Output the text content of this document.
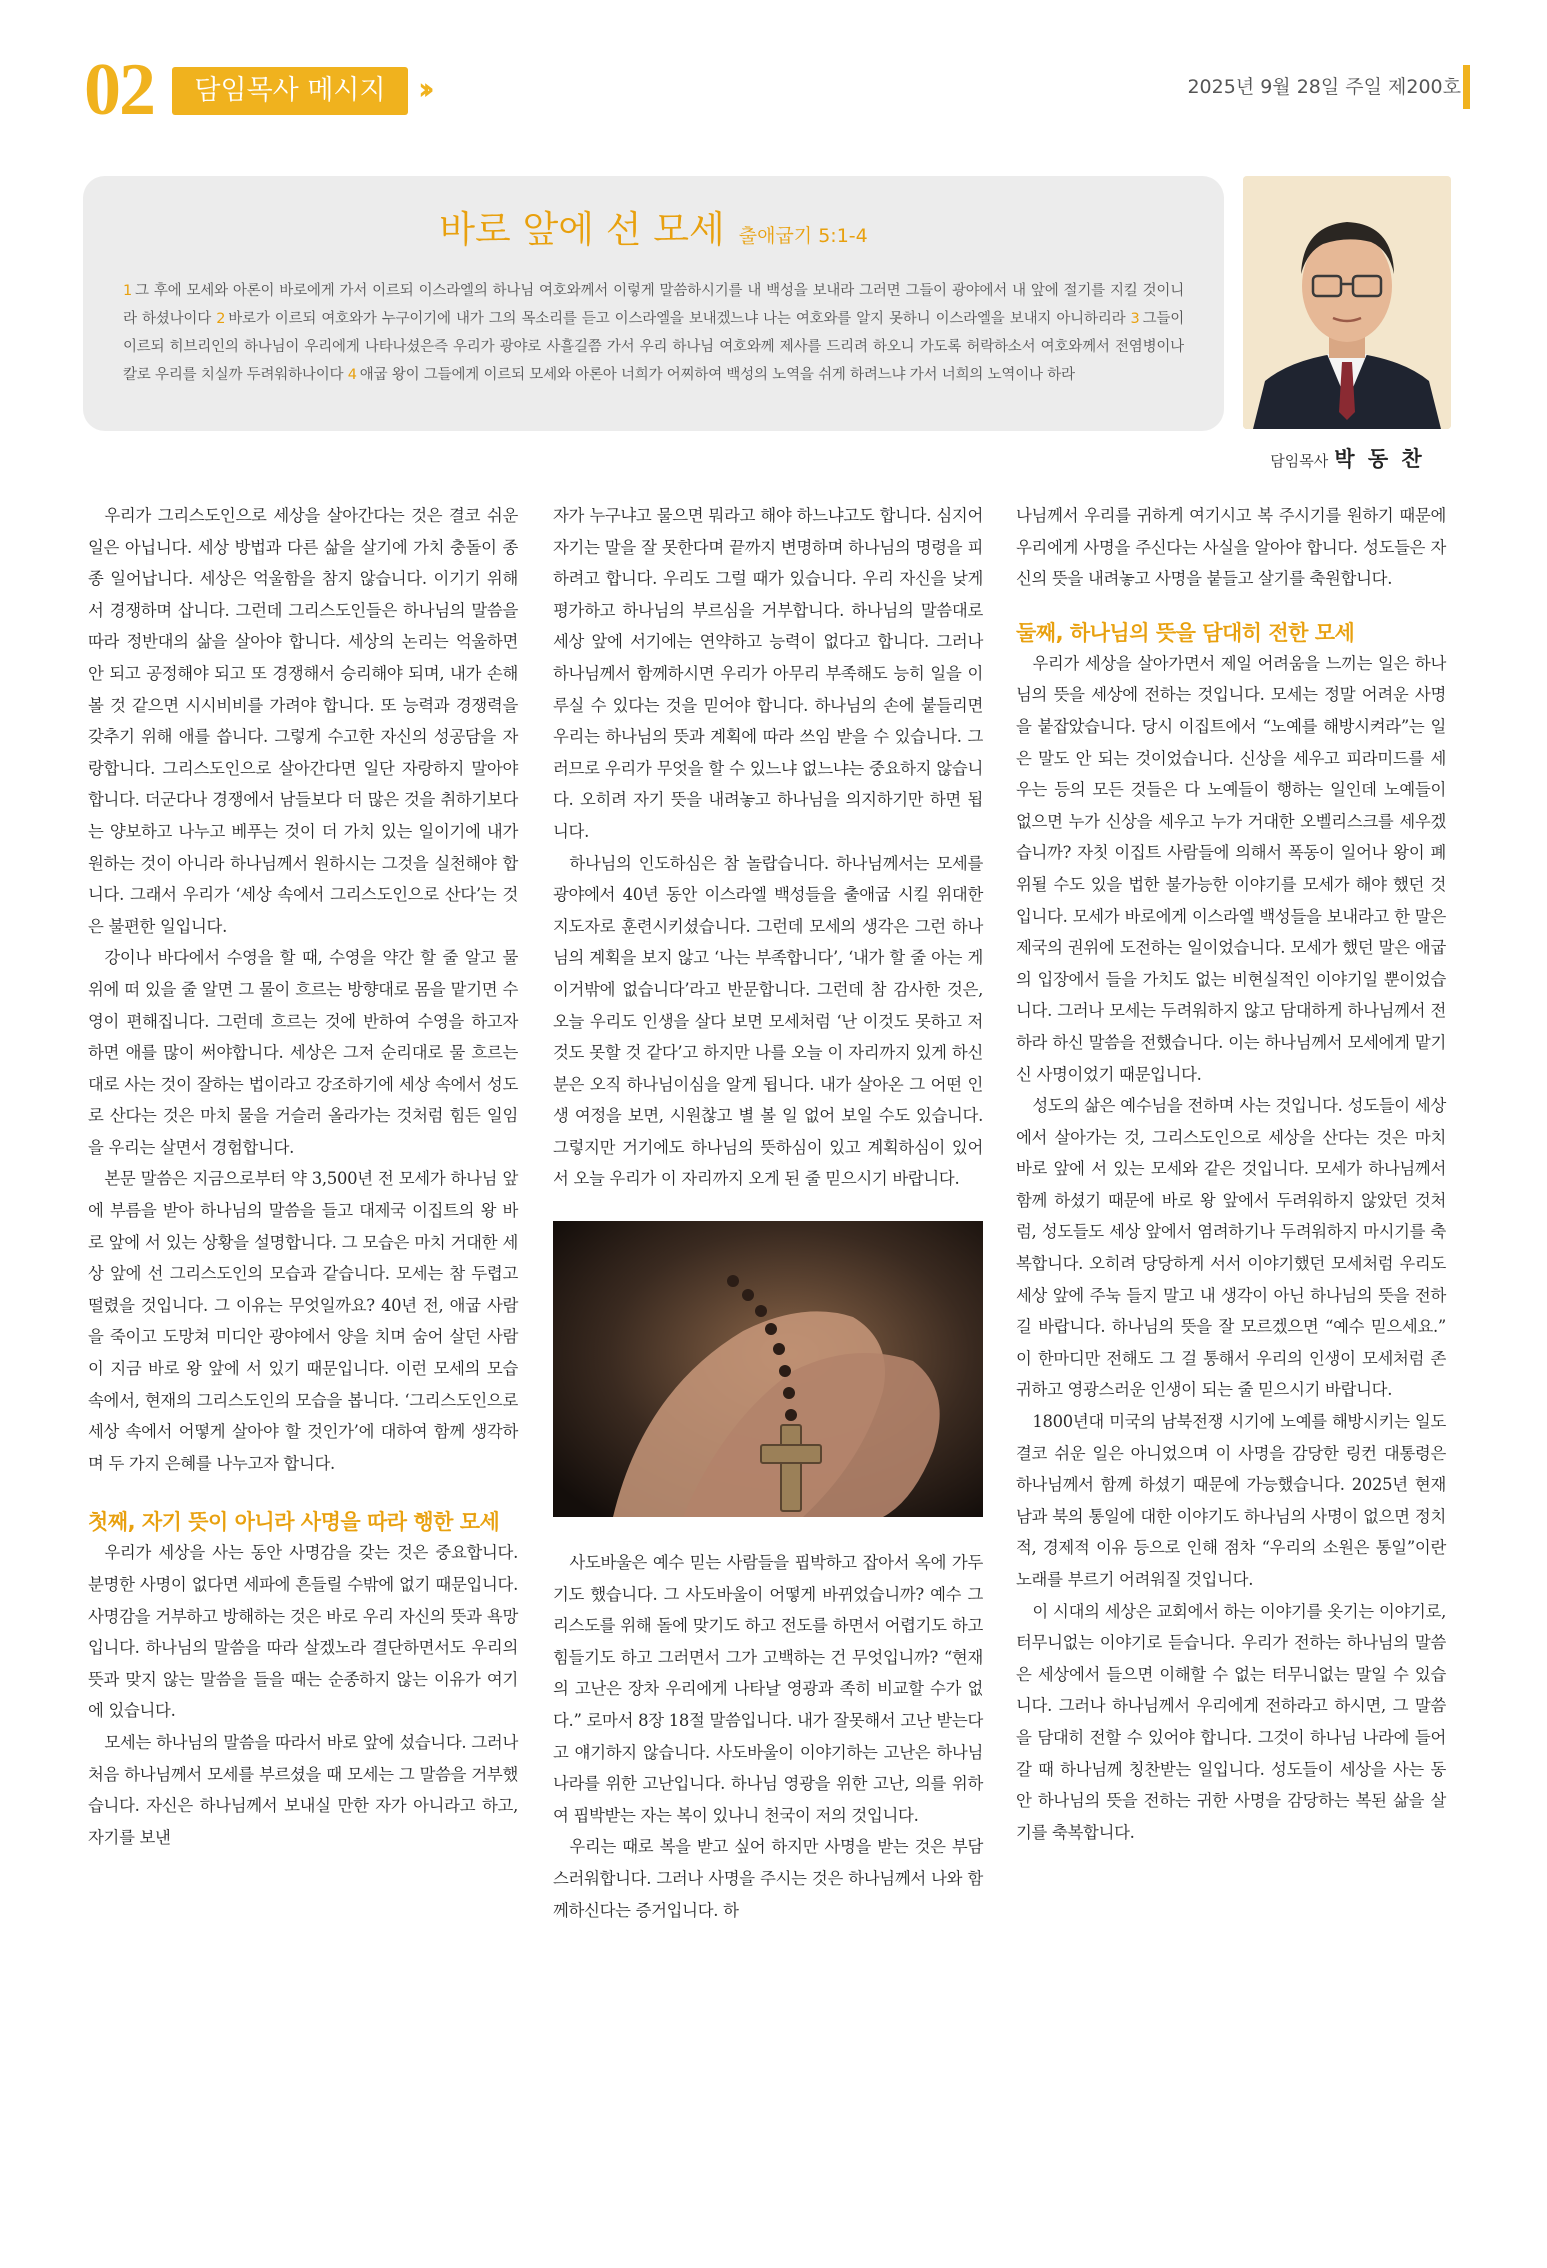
02	담임목사 메시지	››	2025년 9월 28일 주일 제200호
바로 앞에 선 모세 출애굽기 5:1-4
1 그 후에 모세와 아론이 바로에게 가서 이르되 이스라엘의 하나님 여호와께서 이렇게 말씀하시기를 내 백성을 보내라 그러면 그들이 광야에서 내 앞에 절기를 지킬 것이니라 하셨나이다 2 바로가 이르되 여호와가 누구이기에 내가 그의 목소리를 듣고 이스라엘을 보내겠느냐 나는 여호와를 알지 못하니 이스라엘을 보내지 아니하리라 3 그들이 이르되 히브리인의 하나님이 우리에게 나타나셨은즉 우리가 광야로 사흘길쯤 가서 우리 하나님 여호와께 제사를 드리려 하오니 가도록 허락하소서 여호와께서 전염병이나 칼로 우리를 치실까 두려워하나이다 4 애굽 왕이 그들에게 이르되 모세와 아론아 너희가 어찌하여 백성의 노역을 쉬게 하려느냐 가서 너희의 노역이나 하라
담임목사 박 동 찬

우리가 그리스도인으로 세상을 살아간다는 것은 결코 쉬운 일은 아닙니다. 세상 방법과 다른 삶을 살기에 가치 충돌이 종종 일어납니다. 세상은 억울함을 참지 않습니다. 이기기 위해서 경쟁하며 삽니다. 그런데 그리스도인들은 하나님의 말씀을 따라 정반대의 삶을 살아야 합니다. 세상의 논리는 억울하면 안 되고 공정해야 되고 또 경쟁해서 승리해야 되며, 내가 손해 볼 것 같으면 시시비비를 가려야 합니다. 또 능력과 경쟁력을 갖추기 위해 애를 씁니다. 그렇게 수고한 자신의 성공담을 자랑합니다. 그리스도인으로 살아간다면 일단 자랑하지 말아야 합니다. 더군다나 경쟁에서 남들보다 더 많은 것을 취하기보다는 양보하고 나누고 베푸는 것이 더 가치 있는 일이기에 내가 원하는 것이 아니라 하나님께서 원하시는 그것을 실천해야 합니다. 그래서 우리가 ‘세상 속에서 그리스도인으로 산다’는 것은 불편한 일입니다.

강이나 바다에서 수영을 할 때, 수영을 약간 할 줄 알고 물 위에 떠 있을 줄 알면 그 물이 흐르는 방향대로 몸을 맡기면 수영이 편해집니다. 그런데 흐르는 것에 반하여 수영을 하고자 하면 애를 많이 써야합니다. 세상은 그저 순리대로 물 흐르는 대로 사는 것이 잘하는 법이라고 강조하기에 세상 속에서 성도로 산다는 것은 마치 물을 거슬러 올라가는 것처럼 힘든 일임을 우리는 살면서 경험합니다.

본문 말씀은 지금으로부터 약 3,500년 전 모세가 하나님 앞에 부름을 받아 하나님의 말씀을 들고 대제국 이집트의 왕 바로 앞에 서 있는 상황을 설명합니다. 그 모습은 마치 거대한 세상 앞에 선 그리스도인의 모습과 같습니다. 모세는 참 두렵고 떨렸을 것입니다. 그 이유는 무엇일까요? 40년 전, 애굽 사람을 죽이고 도망쳐 미디안 광야에서 양을 치며 숨어 살던 사람이 지금 바로 왕 앞에 서 있기 때문입니다. 이런 모세의 모습 속에서, 현재의 그리스도인의 모습을 봅니다. ‘그리스도인으로 세상 속에서 어떻게 살아야 할 것인가’에 대하여 함께 생각하며 두 가지 은혜를 나누고자 합니다.

첫째, 자기 뜻이 아니라 사명을 따라 행한 모세

우리가 세상을 사는 동안 사명감을 갖는 것은 중요합니다. 분명한 사명이 없다면 세파에 흔들릴 수밖에 없기 때문입니다. 사명감을 거부하고 방해하는 것은 바로 우리 자신의 뜻과 욕망입니다. 하나님의 말씀을 따라 살겠노라 결단하면서도 우리의 뜻과 맞지 않는 말씀을 들을 때는 순종하지 않는 이유가 여기에 있습니다.

모세는 하나님의 말씀을 따라서 바로 앞에 섰습니다. 그러나 처음 하나님께서 모세를 부르셨을 때 모세는 그 말씀을 거부했습니다. 자신은 하나님께서 보내실 만한 자가 아니라고 하고, 자기를 보낸

자가 누구냐고 물으면 뭐라고 해야 하느냐고도 합니다. 심지어 자기는 말을 잘 못한다며 끝까지 변명하며 하나님의 명령을 피하려고 합니다. 우리도 그럴 때가 있습니다. 우리 자신을 낮게 평가하고 하나님의 부르심을 거부합니다. 하나님의 말씀대로 세상 앞에 서기에는 연약하고 능력이 없다고 합니다. 그러나 하나님께서 함께하시면 우리가 아무리 부족해도 능히 일을 이루실 수 있다는 것을 믿어야 합니다. 하나님의 손에 붙들리면 우리는 하나님의 뜻과 계획에 따라 쓰임 받을 수 있습니다. 그러므로 우리가 무엇을 할 수 있느냐 없느냐는 중요하지 않습니다. 오히려 자기 뜻을 내려놓고 하나님을 의지하기만 하면 됩니다.

하나님의 인도하심은 참 놀랍습니다. 하나님께서는 모세를 광야에서 40년 동안 이스라엘 백성들을 출애굽 시킬 위대한 지도자로 훈련시키셨습니다. 그런데 모세의 생각은 그런 하나님의 계획을 보지 않고 ‘나는 부족합니다’, ‘내가 할 줄 아는 게 이거밖에 없습니다’라고 반문합니다. 그런데 참 감사한 것은, 오늘 우리도 인생을 살다 보면 모세처럼 ‘난 이것도 못하고 저것도 못할 것 같다’고 하지만 나를 오늘 이 자리까지 있게 하신 분은 오직 하나님이심을 알게 됩니다. 내가 살아온 그 어떤 인생 여정을 보면, 시원찮고 별 볼 일 없어 보일 수도 있습니다. 그렇지만 거기에도 하나님의 뜻하심이 있고 계획하심이 있어서 오늘 우리가 이 자리까지 오게 된 줄 믿으시기 바랍니다.

사도바울은 예수 믿는 사람들을 핍박하고 잡아서 옥에 가두기도 했습니다. 그 사도바울이 어떻게 바뀌었습니까? 예수 그리스도를 위해 돌에 맞기도 하고 전도를 하면서 어렵기도 하고 힘들기도 하고 그러면서 그가 고백하는 건 무엇입니까? “현재의 고난은 장차 우리에게 나타날 영광과 족히 비교할 수가 없다.” 로마서 8장 18절 말씀입니다. 내가 잘못해서 고난 받는다고 얘기하지 않습니다. 사도바울이 이야기하는 고난은 하나님 나라를 위한 고난입니다. 하나님 영광을 위한 고난, 의를 위하여 핍박받는 자는 복이 있나니 천국이 저의 것입니다.

우리는 때로 복을 받고 싶어 하지만 사명을 받는 것은 부담스러워합니다. 그러나 사명을 주시는 것은 하나님께서 나와 함께하신다는 증거입니다. 하

나님께서 우리를 귀하게 여기시고 복 주시기를 원하기 때문에 우리에게 사명을 주신다는 사실을 알아야 합니다. 성도들은 자신의 뜻을 내려놓고 사명을 붙들고 살기를 축원합니다.

둘째, 하나님의 뜻을 담대히 전한 모세

우리가 세상을 살아가면서 제일 어려움을 느끼는 일은 하나님의 뜻을 세상에 전하는 것입니다. 모세는 정말 어려운 사명을 붙잡았습니다. 당시 이집트에서 “노예를 해방시켜라”는 일은 말도 안 되는 것이었습니다. 신상을 세우고 피라미드를 세우는 등의 모든 것들은 다 노예들이 행하는 일인데 노예들이 없으면 누가 신상을 세우고 누가 거대한 오벨리스크를 세우겠습니까? 자칫 이집트 사람들에 의해서 폭동이 일어나 왕이 폐위될 수도 있을 법한 불가능한 이야기를 모세가 해야 했던 것입니다. 모세가 바로에게 이스라엘 백성들을 보내라고 한 말은 제국의 권위에 도전하는 일이었습니다. 모세가 했던 말은 애굽의 입장에서 들을 가치도 없는 비현실적인 이야기일 뿐이었습니다. 그러나 모세는 두려워하지 않고 담대하게 하나님께서 전하라 하신 말씀을 전했습니다. 이는 하나님께서 모세에게 맡기신 사명이었기 때문입니다.

성도의 삶은 예수님을 전하며 사는 것입니다. 성도들이 세상에서 살아가는 것, 그리스도인으로 세상을 산다는 것은 마치 바로 앞에 서 있는 모세와 같은 것입니다. 모세가 하나님께서 함께 하셨기 때문에 바로 왕 앞에서 두려워하지 않았던 것처럼, 성도들도 세상 앞에서 염려하기나 두려워하지 마시기를 축복합니다. 오히려 당당하게 서서 이야기했던 모세처럼 우리도 세상 앞에 주눅 들지 말고 내 생각이 아닌 하나님의 뜻을 전하길 바랍니다. 하나님의 뜻을 잘 모르겠으면 “예수 믿으세요.” 이 한마디만 전해도 그 걸 통해서 우리의 인생이 모세처럼 존귀하고 영광스러운 인생이 되는 줄 믿으시기 바랍니다.

1800년대 미국의 남북전쟁 시기에 노예를 해방시키는 일도 결코 쉬운 일은 아니었으며 이 사명을 감당한 링컨 대통령은 하나님께서 함께 하셨기 때문에 가능했습니다. 2025년 현재 남과 북의 통일에 대한 이야기도 하나님의 사명이 없으면 정치적, 경제적 이유 등으로 인해 점차 “우리의 소원은 통일”이란 노래를 부르기 어려워질 것입니다.

이 시대의 세상은 교회에서 하는 이야기를 옷기는 이야기로, 터무니없는 이야기로 듣습니다. 우리가 전하는 하나님의 말씀은 세상에서 들으면 이해할 수 없는 터무니없는 말일 수 있습니다. 그러나 하나님께서 우리에게 전하라고 하시면, 그 말씀을 담대히 전할 수 있어야 합니다. 그것이 하나님 나라에 들어갈 때 하나님께 칭찬받는 일입니다. 성도들이 세상을 사는 동안 하나님의 뜻을 전하는 귀한 사명을 감당하는 복된 삶을 살기를 축복합니다.
